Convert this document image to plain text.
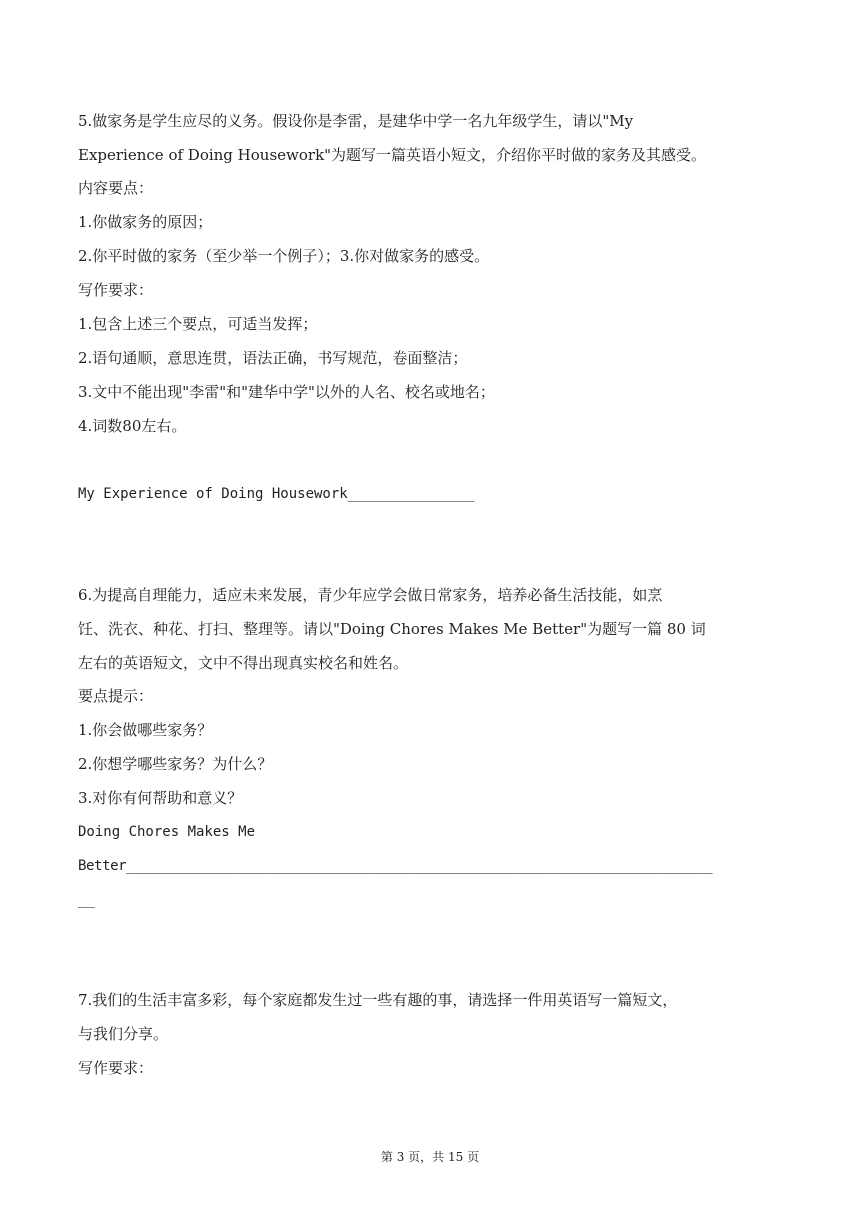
5.做家务是学生应尽的义务。假设你是李雷，是建华中学一名九年级学生，请以"My

Experience of Doing Housework"为题写一篇英语小短文，介绍你平时做的家务及其感受。

内容要点：

1.你做家务的原因；

2.你平时做的家务（至少举一个例子）；3.你对做家务的感受。

写作要求：

1.包含上述三个要点，可适当发挥；

2.语句通顺，意思连贯，语法正确，书写规范，卷面整洁；

3.文中不能出现"李雷"和"建华中学"以外的人名、校名或地名；

4.词数80左右。

My Experience of Doing Housework_______________

6.为提高自理能力，适应未来发展，青少年应学会做日常家务，培养必备生活技能，如烹

饪、洗衣、种花、打扫、整理等。请以"Doing Chores Makes Me Better"为题写一篇 80 词

左右的英语短文，文中不得出现真实校名和姓名。

要点提示：

1.你会做哪些家务？

2.你想学哪些家务？为什么？

3.对你有何帮助和意义？

Doing Chores Makes Me

Better_________________________________________________________________________

__

7.我们的生活丰富多彩，每个家庭都发生过一些有趣的事，请选择一件用英语写一篇短文，

与我们分享。

写作要求：

第 3 页，共 15 页
